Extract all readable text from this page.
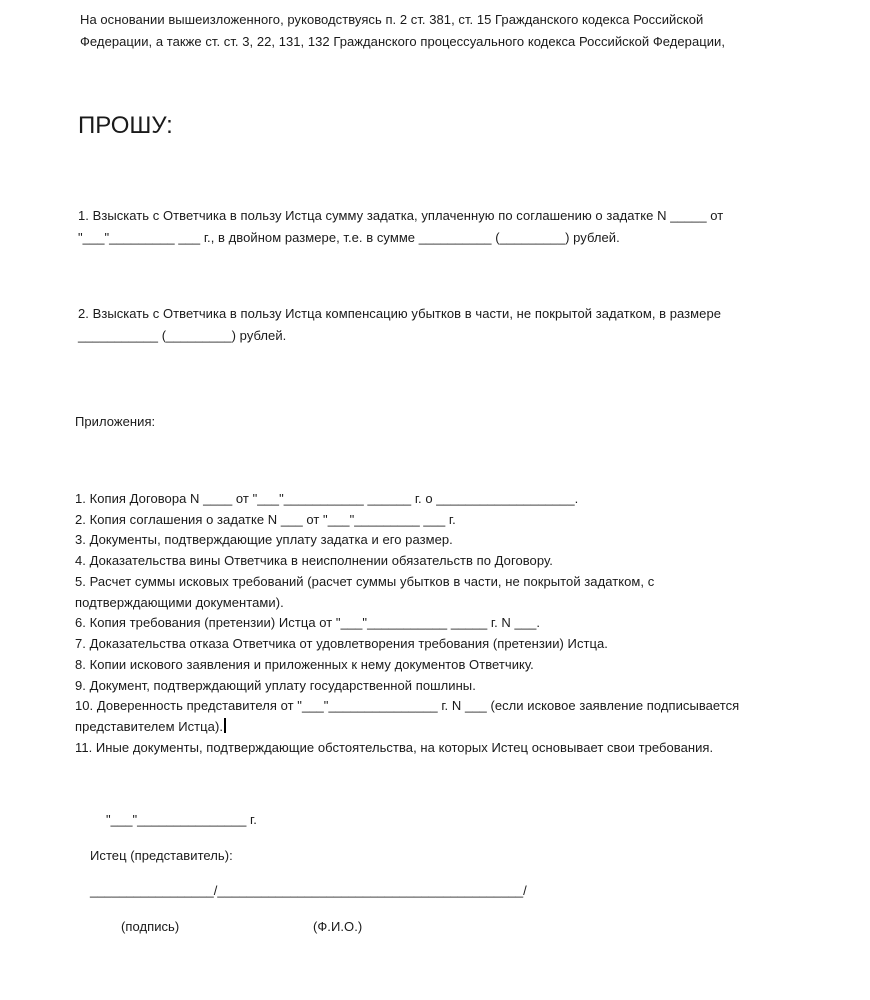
На основании вышеизложенного, руководствуясь п. 2 ст. 381, ст. 15 Гражданского кодекса Российской
Федерации, а также ст. ст. 3, 22, 131, 132 Гражданского процессуального кодекса Российской Федерации,
ПРОШУ:
1. Взыскать с Ответчика в пользу Истца сумму задатка, уплаченную по соглашению о задатке N _____ от
"___"_________ ___ г., в двойном размере, т.е. в сумме __________ (_________) рублей.
2. Взыскать с Ответчика в пользу Истца компенсацию убытков в части, не покрытой задатком, в размере
___________ (_________) рублей.
Приложения:
1. Копия Договора N ____ от "___"___________ ______ г. о ___________________.
2. Копия соглашения о задатке N ___ от "___"_________ ___ г.
3. Документы, подтверждающие уплату задатка и его размер.
4. Доказательства вины Ответчика в неисполнении обязательств по Договору.
5. Расчет суммы исковых требований (расчет суммы убытков в части, не покрытой задатком, с
подтверждающими документами).
6. Копия требования (претензии) Истца от "___"___________ _____ г. N ___.
7. Доказательства отказа Ответчика от удовлетворения требования (претензии) Истца.
8. Копии искового заявления и приложенных к нему документов Ответчику.
9. Документ, подтверждающий уплату государственной пошлины.
10. Доверенность представителя от "___"_______________ г. N ___ (если исковое заявление подписывается
представителем Истца).
11. Иные документы, подтверждающие обстоятельства, на которых Истец основывает свои требования.
"___"_______________ г.
Истец (представитель):
_________________/__________________________________________/
(подпись)	(Ф.И.О.)
